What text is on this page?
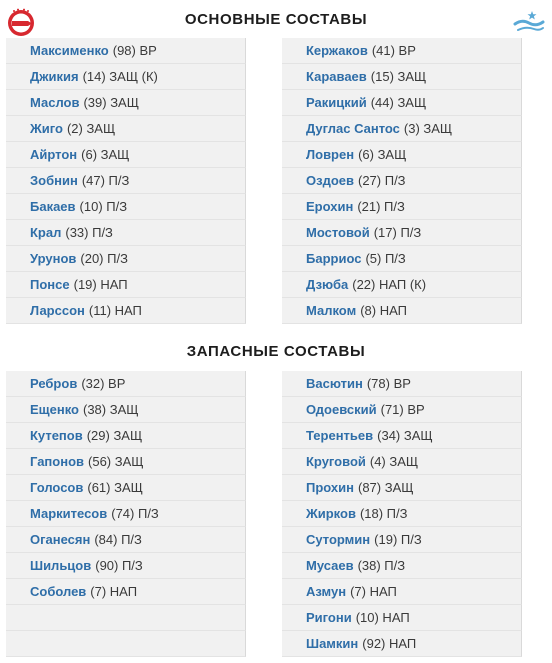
ОСНОВНЫЕ СОСТАВЫ
ЗАПАСНЫЕ СОСТАВЫ
Максименко (98) ВР
Джикия (14) ЗАЩ (К)
Маслов (39) ЗАЩ
Жиго (2) ЗАЩ
Айртон (6) ЗАЩ
Зобнин (47) П/З
Бакаев (10) П/З
Крал (33) П/З
Урунов (20) П/З
Понсе (19) НАП
Ларссон (11) НАП
Кержаков (41) ВР
Караваев (15) ЗАЩ
Ракицкий (44) ЗАЩ
Дуглас Сантос (3) ЗАЩ
Ловрен (6) ЗАЩ
Оздоев (27) П/З
Ерохин (21) П/З
Мостовой (17) П/З
Барриос (5) П/З
Дзюба (22) НАП (К)
Малком (8) НАП
Ребров (32) ВР
Ещенко (38) ЗАЩ
Кутепов (29) ЗАЩ
Гапонов (56) ЗАЩ
Голосов (61) ЗАЩ
Маркитесов (74) П/З
Оганесян (84) П/З
Шильцов (90) П/З
Соболев (7) НАП
Васютин (78) ВР
Одоевский (71) ВР
Терентьев (34) ЗАЩ
Круговой (4) ЗАЩ
Прохин (87) ЗАЩ
Жирков (18) П/З
Сутормин (19) П/З
Мусаев (38) П/З
Азмун (7) НАП
Ригони (10) НАП
Шамкин (92) НАП
